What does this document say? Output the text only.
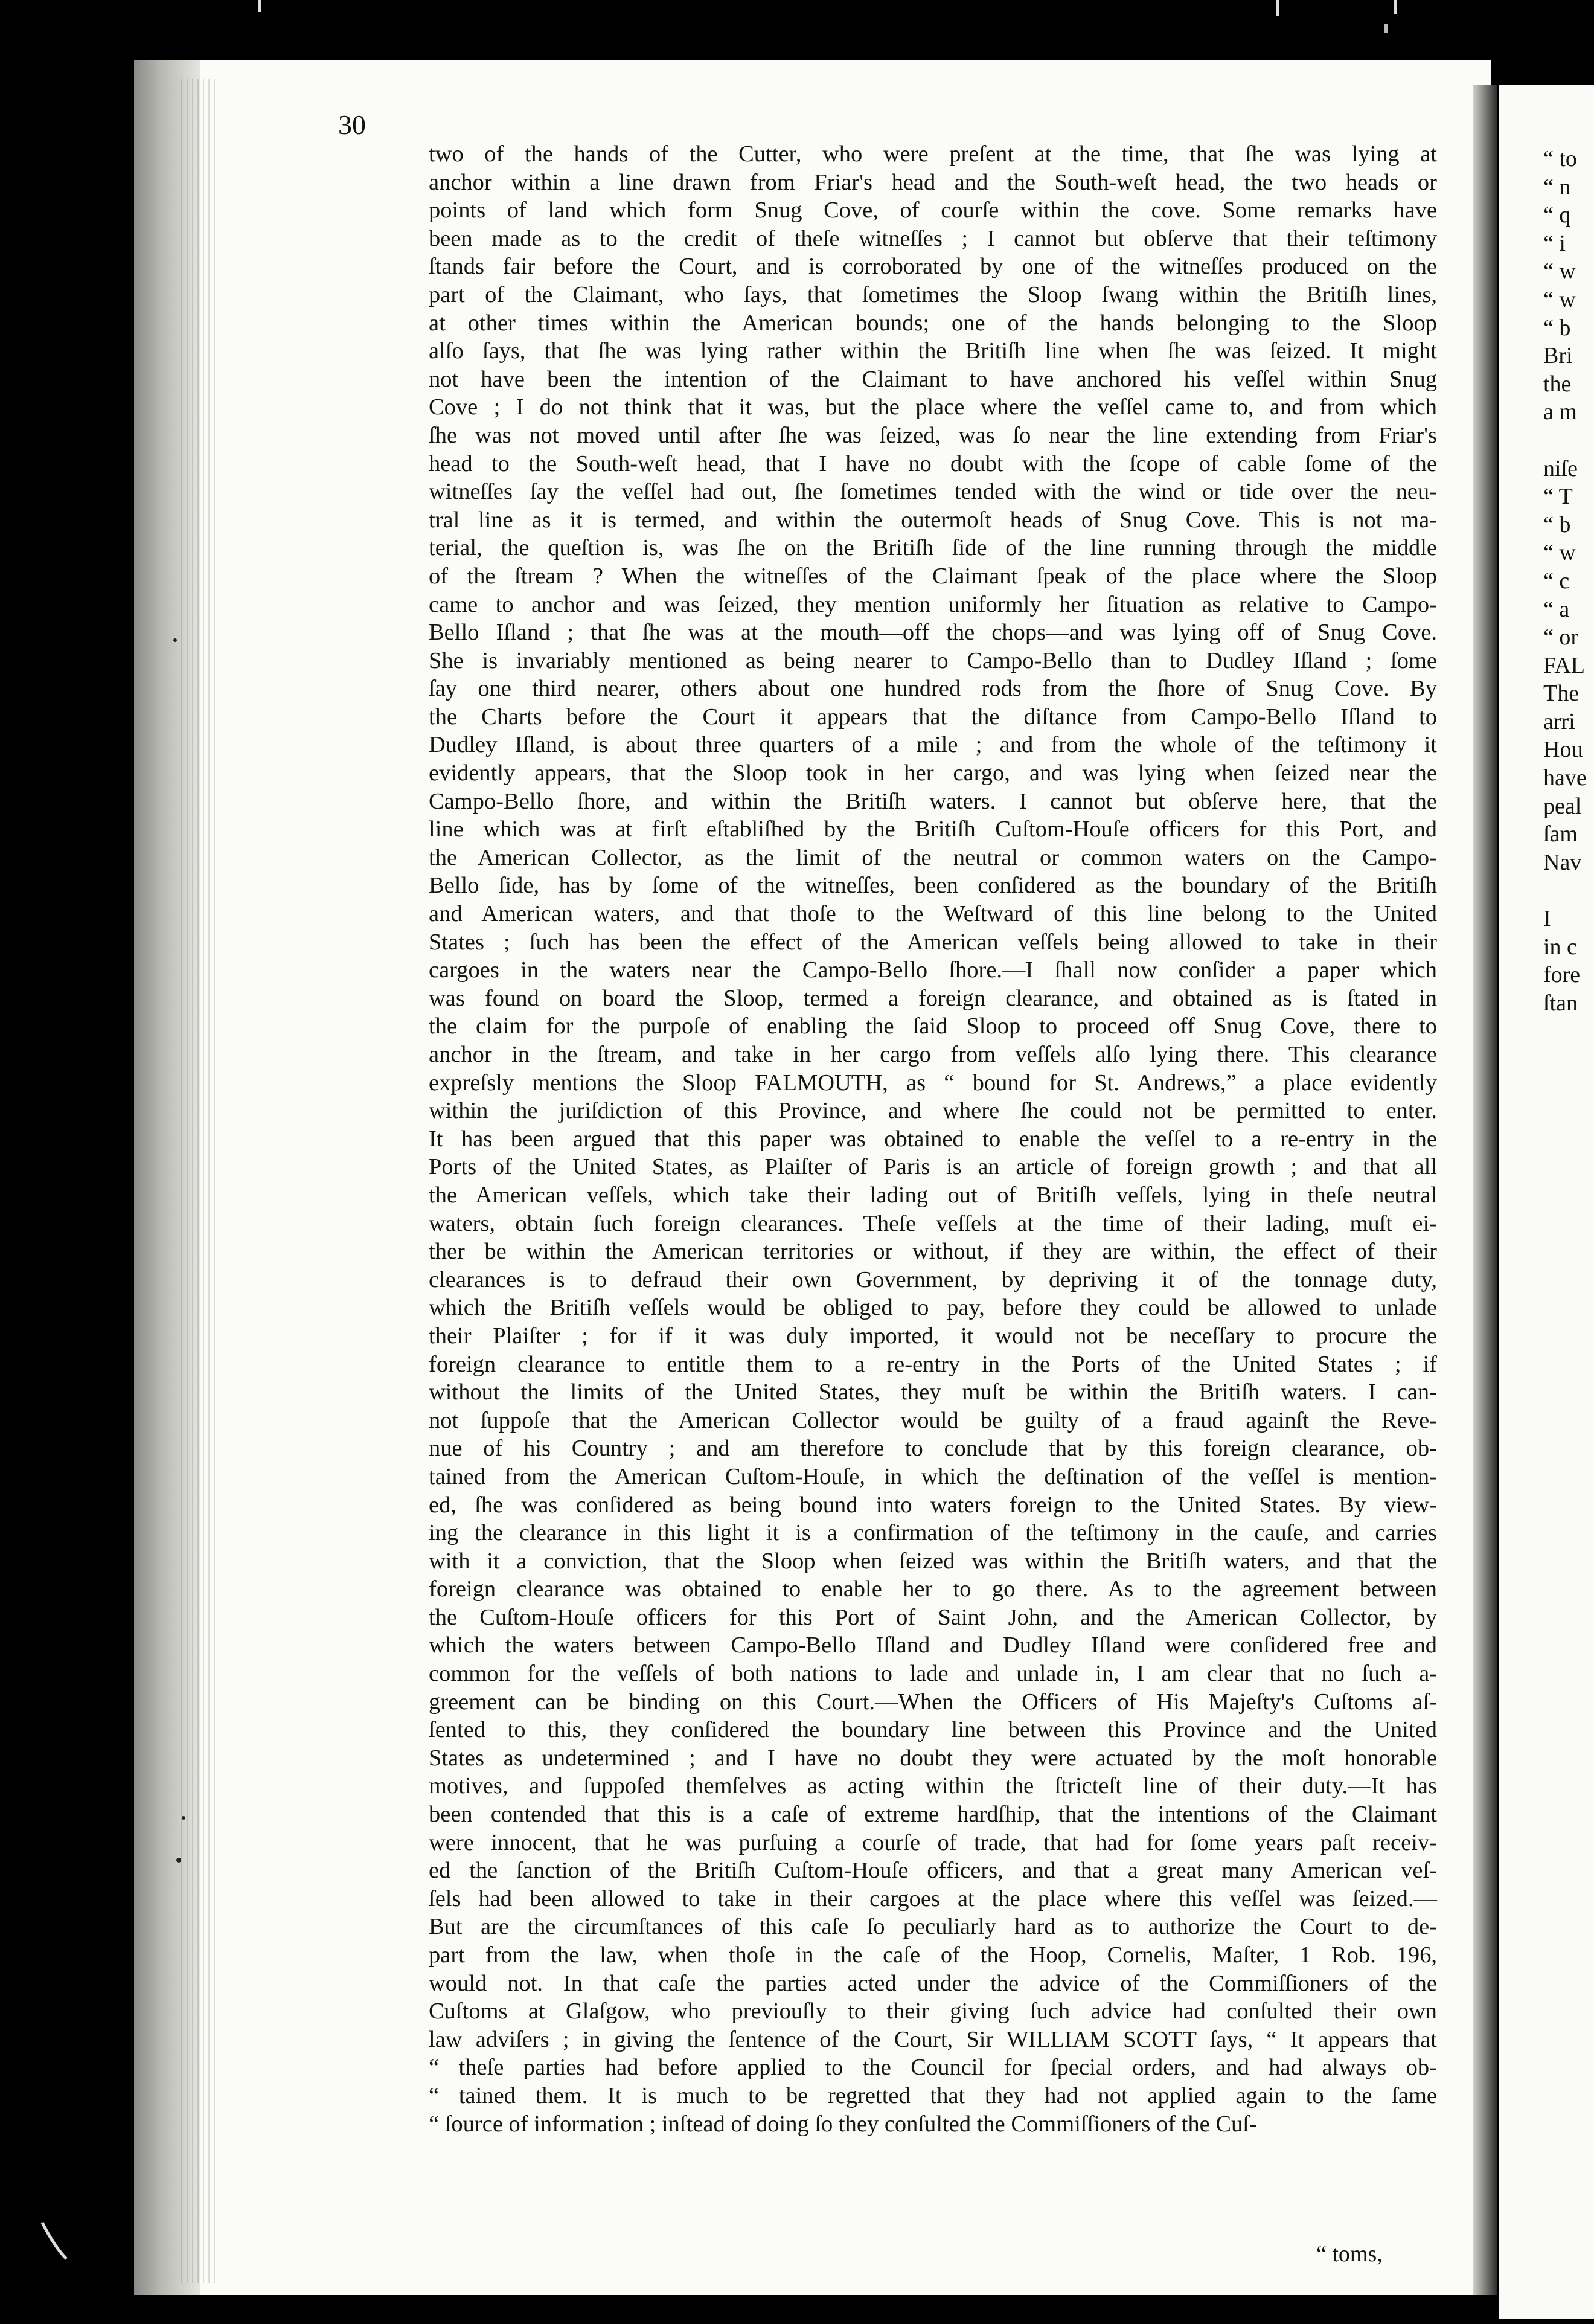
30
two of the hands of the Cutter, who were preſent at the time, that ſhe was lying at
anchor within a line drawn from Friar's head and the South-weſt head, the two heads or
points of land which form Snug Cove, of courſe within the cove. Some remarks have
been made as to the credit of theſe witneſſes ; I cannot but obſerve that their teſtimony
ſtands fair before the Court, and is corroborated by one of the witneſſes produced on the
part of the Claimant, who ſays, that ſometimes the Sloop ſwang within the Britiſh lines,
at other times within the American bounds; one of the hands belonging to the Sloop
alſo ſays, that ſhe was lying rather within the Britiſh line when ſhe was ſeized. It might
not have been the intention of the Claimant to have anchored his veſſel within Snug
Cove ; I do not think that it was, but the place where the veſſel came to, and from which
ſhe was not moved until after ſhe was ſeized, was ſo near the line extending from Friar's
head to the South-weſt head, that I have no doubt with the ſcope of cable ſome of the
witneſſes ſay the veſſel had out, ſhe ſometimes tended with the wind or tide over the neu-
tral line as it is termed, and within the outermoſt heads of Snug Cove. This is not ma-
terial, the queſtion is, was ſhe on the Britiſh ſide of the line running through the middle
of the ſtream ? When the witneſſes of the Claimant ſpeak of the place where the Sloop
came to anchor and was ſeized, they mention uniformly her ſituation as relative to Campo-
Bello Iſland ; that ſhe was at the mouth—off the chops—and was lying off of Snug Cove.
She is invariably mentioned as being nearer to Campo-Bello than to Dudley Iſland ; ſome
ſay one third nearer, others about one hundred rods from the ſhore of Snug Cove. By
the Charts before the Court it appears that the diſtance from Campo-Bello Iſland to
Dudley Iſland, is about three quarters of a mile ; and from the whole of the teſtimony it
evidently appears, that the Sloop took in her cargo, and was lying when ſeized near the
Campo-Bello ſhore, and within the Britiſh waters. I cannot but obſerve here, that the
line which was at firſt eſtabliſhed by the Britiſh Cuſtom-Houſe officers for this Port, and
the American Collector, as the limit of the neutral or common waters on the Campo-
Bello ſide, has by ſome of the witneſſes, been conſidered as the boundary of the Britiſh
and American waters, and that thoſe to the Weſtward of this line belong to the United
States ; ſuch has been the effect of the American veſſels being allowed to take in their
cargoes in the waters near the Campo-Bello ſhore.—I ſhall now conſider a paper which
was found on board the Sloop, termed a foreign clearance, and obtained as is ſtated in
the claim for the purpoſe of enabling the ſaid Sloop to proceed off Snug Cove, there to
anchor in the ſtream, and take in her cargo from veſſels alſo lying there. This clearance
expreſsly mentions the Sloop FALMOUTH, as “ bound for St. Andrews,” a place evidently
within the juriſdiction of this Province, and where ſhe could not be permitted to enter.
It has been argued that this paper was obtained to enable the veſſel to a re-entry in the
Ports of the United States, as Plaiſter of Paris is an article of foreign growth ; and that all
the American veſſels, which take their lading out of Britiſh veſſels, lying in theſe neutral
waters, obtain ſuch foreign clearances. Theſe veſſels at the time of their lading, muſt ei-
ther be within the American territories or without, if they are within, the effect of their
clearances is to defraud their own Government, by depriving it of the tonnage duty,
which the Britiſh veſſels would be obliged to pay, before they could be allowed to unlade
their Plaiſter ; for if it was duly imported, it would not be neceſſary to procure the
foreign clearance to entitle them to a re-entry in the Ports of the United States ; if
without the limits of the United States, they muſt be within the Britiſh waters. I can-
not ſuppoſe that the American Collector would be guilty of a fraud againſt the Reve-
nue of his Country ; and am therefore to conclude that by this foreign clearance, ob-
tained from the American Cuſtom-Houſe, in which the deſtination of the veſſel is mention-
ed, ſhe was conſidered as being bound into waters foreign to the United States. By view-
ing the clearance in this light it is a confirmation of the teſtimony in the cauſe, and carries
with it a conviction, that the Sloop when ſeized was within the Britiſh waters, and that the
foreign clearance was obtained to enable her to go there. As to the agreement between
the Cuſtom-Houſe officers for this Port of Saint John, and the American Collector, by
which the waters between Campo-Bello Iſland and Dudley Iſland were conſidered free and
common for the veſſels of both nations to lade and unlade in, I am clear that no ſuch a-
greement can be binding on this Court.—When the Officers of His Majeſty's Cuſtoms aſ-
ſented to this, they conſidered the boundary line between this Province and the United
States as undetermined ; and I have no doubt they were actuated by the moſt honorable
motives, and ſuppoſed themſelves as acting within the ſtricteſt line of their duty.—It has
been contended that this is a caſe of extreme hardſhip, that the intentions of the Claimant
were innocent, that he was purſuing a courſe of trade, that had for ſome years paſt receiv-
ed the ſanction of the Britiſh Cuſtom-Houſe officers, and that a great many American veſ-
ſels had been allowed to take in their cargoes at the place where this veſſel was ſeized.—
But are the circumſtances of this caſe ſo peculiarly hard as to authorize the Court to de-
part from the law, when thoſe in the caſe of the Hoop, Cornelis, Maſter, 1 Rob. 196,
would not. In that caſe the parties acted under the advice of the Commiſſioners of the
Cuſtoms at Glaſgow, who previouſly to their giving ſuch advice had conſulted their own
law adviſers ; in giving the ſentence of the Court, Sir WILLIAM SCOTT ſays, “ It appears that
“ theſe parties had before applied to the Council for ſpecial orders, and had always ob-
“ tained them. It is much to be regretted that they had not applied again to the ſame
“ ſource of information ; inſtead of doing ſo they conſulted the Commiſſioners of the Cuſ-
“ toms,
“ to
“ n
“ q
“ i
“ w
“ w
“ b
Bri
the
a m
niſe
“ T
“ b
“ w
“ c
“ a
“ or
FAL
The
arri
Hou
have
peal
ſam
Nav
I
in c
fore
ſtan
